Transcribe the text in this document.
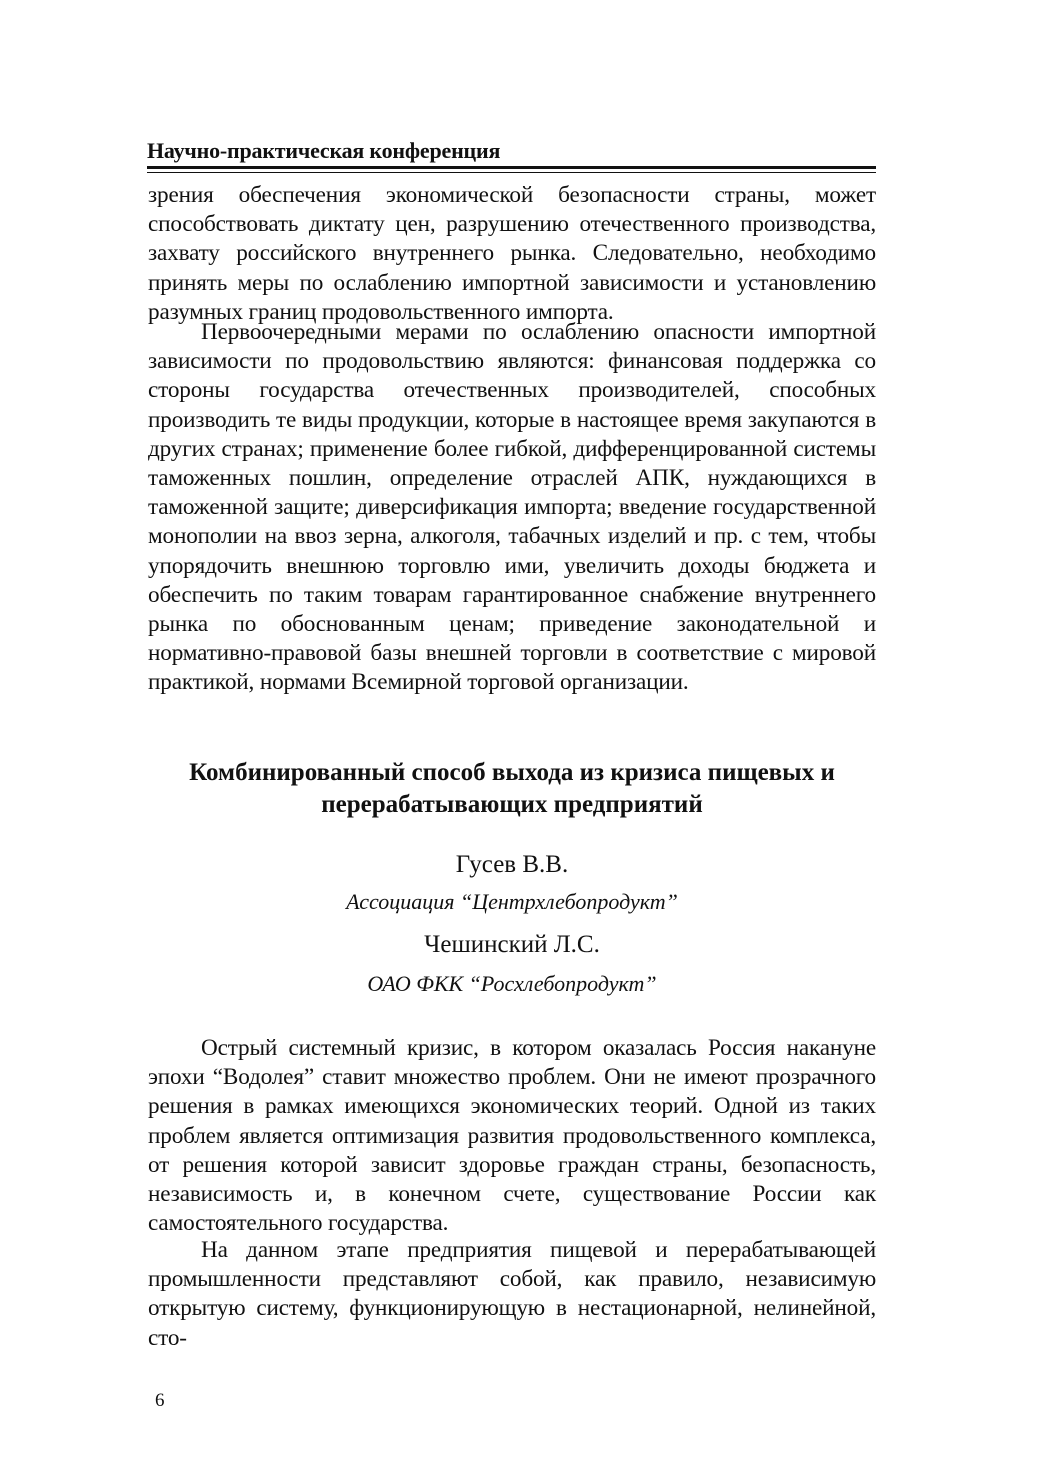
Научно-практическая конференция

зрения обеспечения экономической безопасности страны, может способствовать диктату цен, разрушению отечественного производства, захвату российского внутреннего рынка. Следовательно, необходимо принять меры по ослаблению импортной зависимости и установлению разумных границ продовольственного импорта.

Первоочередными мерами по ослаблению опасности импортной зависимости по продовольствию являются: финансовая поддержка со стороны государства отечественных производителей, способных производить те виды продукции, которые в настоящее время закупаются в других странах; применение более гибкой, дифференцированной системы таможенных пошлин, определение отраслей АПК, нуждающихся в таможенной защите; диверсификация импорта; введение государственной монополии на ввоз зерна, алкоголя, табачных изделий и пр. с тем, чтобы упорядочить внешнюю торговлю ими, увеличить доходы бюджета и обеспечить по таким товарам гарантированное снабжение внутреннего рынка по обоснованным ценам; приведение законодательной и нормативно-правовой базы внешней торговли в соответствие с мировой практикой, нормами Всемирной торговой организации.

Комбинированный способ выхода из кризиса пищевых и
перерабатывающих предприятий
Гусев В.В.
Ассоциация “Центрхлебопродукт”
Чешинский Л.С.
ОАО ФКК “Росхлебопродукт”

Острый системный кризис, в котором оказалась Россия накануне эпохи “Водолея” ставит множество проблем. Они не имеют прозрачного решения в рамках имеющихся экономических теорий. Одной из таких проблем является оптимизация развития продовольственного комплекса, от решения которой зависит здоровье граждан страны, безопасность, независимость и, в конечном счете, существование России как самостоятельного государства.

На данном этапе предприятия пищевой и перерабатывающей промышленности представляют собой, как правило, независимую открытую систему, функционирующую в нестационарной, нелинейной, сто-

6
